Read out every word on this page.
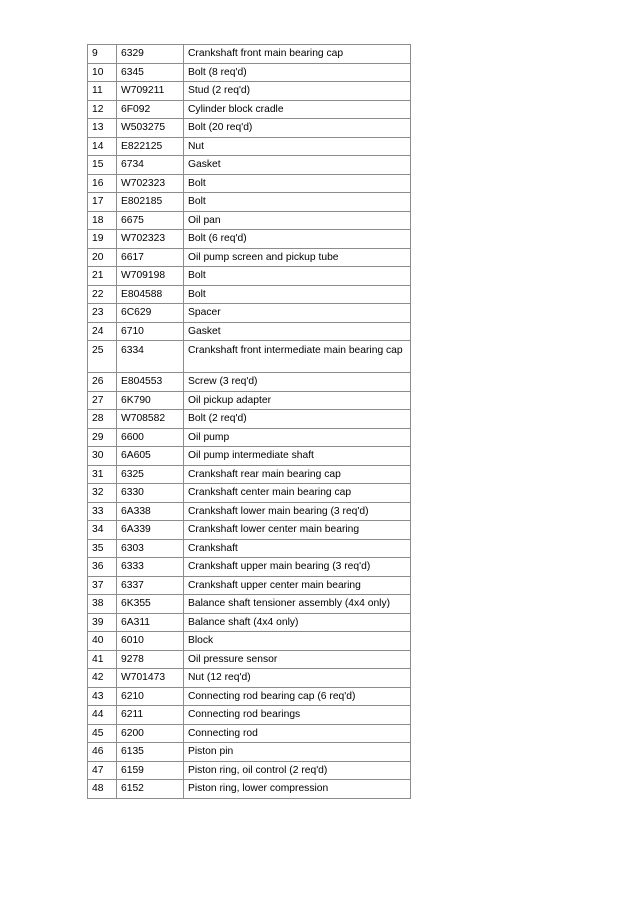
9	6329	Crankshaft front main bearing cap
10	6345	Bolt (8 req'd)
11	W709211	Stud (2 req'd)
12	6F092	Cylinder block cradle
13	W503275	Bolt (20 req'd)
14	E822125	Nut
15	6734	Gasket
16	W702323	Bolt
17	E802185	Bolt
18	6675	Oil pan
19	W702323	Bolt (6 req'd)
20	6617	Oil pump screen and pickup tube
21	W709198	Bolt
22	E804588	Bolt
23	6C629	Spacer
24	6710	Gasket
25	6334	Crankshaft front intermediate main bearing cap
26	E804553	Screw (3 req'd)
27	6K790	Oil pickup adapter
28	W708582	Bolt (2 req'd)
29	6600	Oil pump
30	6A605	Oil pump intermediate shaft
31	6325	Crankshaft rear main bearing cap
32	6330	Crankshaft center main bearing cap
33	6A338	Crankshaft lower main bearing (3 req'd)
34	6A339	Crankshaft lower center main bearing
35	6303	Crankshaft
36	6333	Crankshaft upper main bearing (3 req'd)
37	6337	Crankshaft upper center main bearing
38	6K355	Balance shaft tensioner assembly (4x4 only)
39	6A311	Balance shaft (4x4 only)
40	6010	Block
41	9278	Oil pressure sensor
42	W701473	Nut (12 req'd)
43	6210	Connecting rod bearing cap (6 req'd)
44	6211	Connecting rod bearings
45	6200	Connecting rod
46	6135	Piston pin
47	6159	Piston ring, oil control (2 req'd)
48	6152	Piston ring, lower compression
